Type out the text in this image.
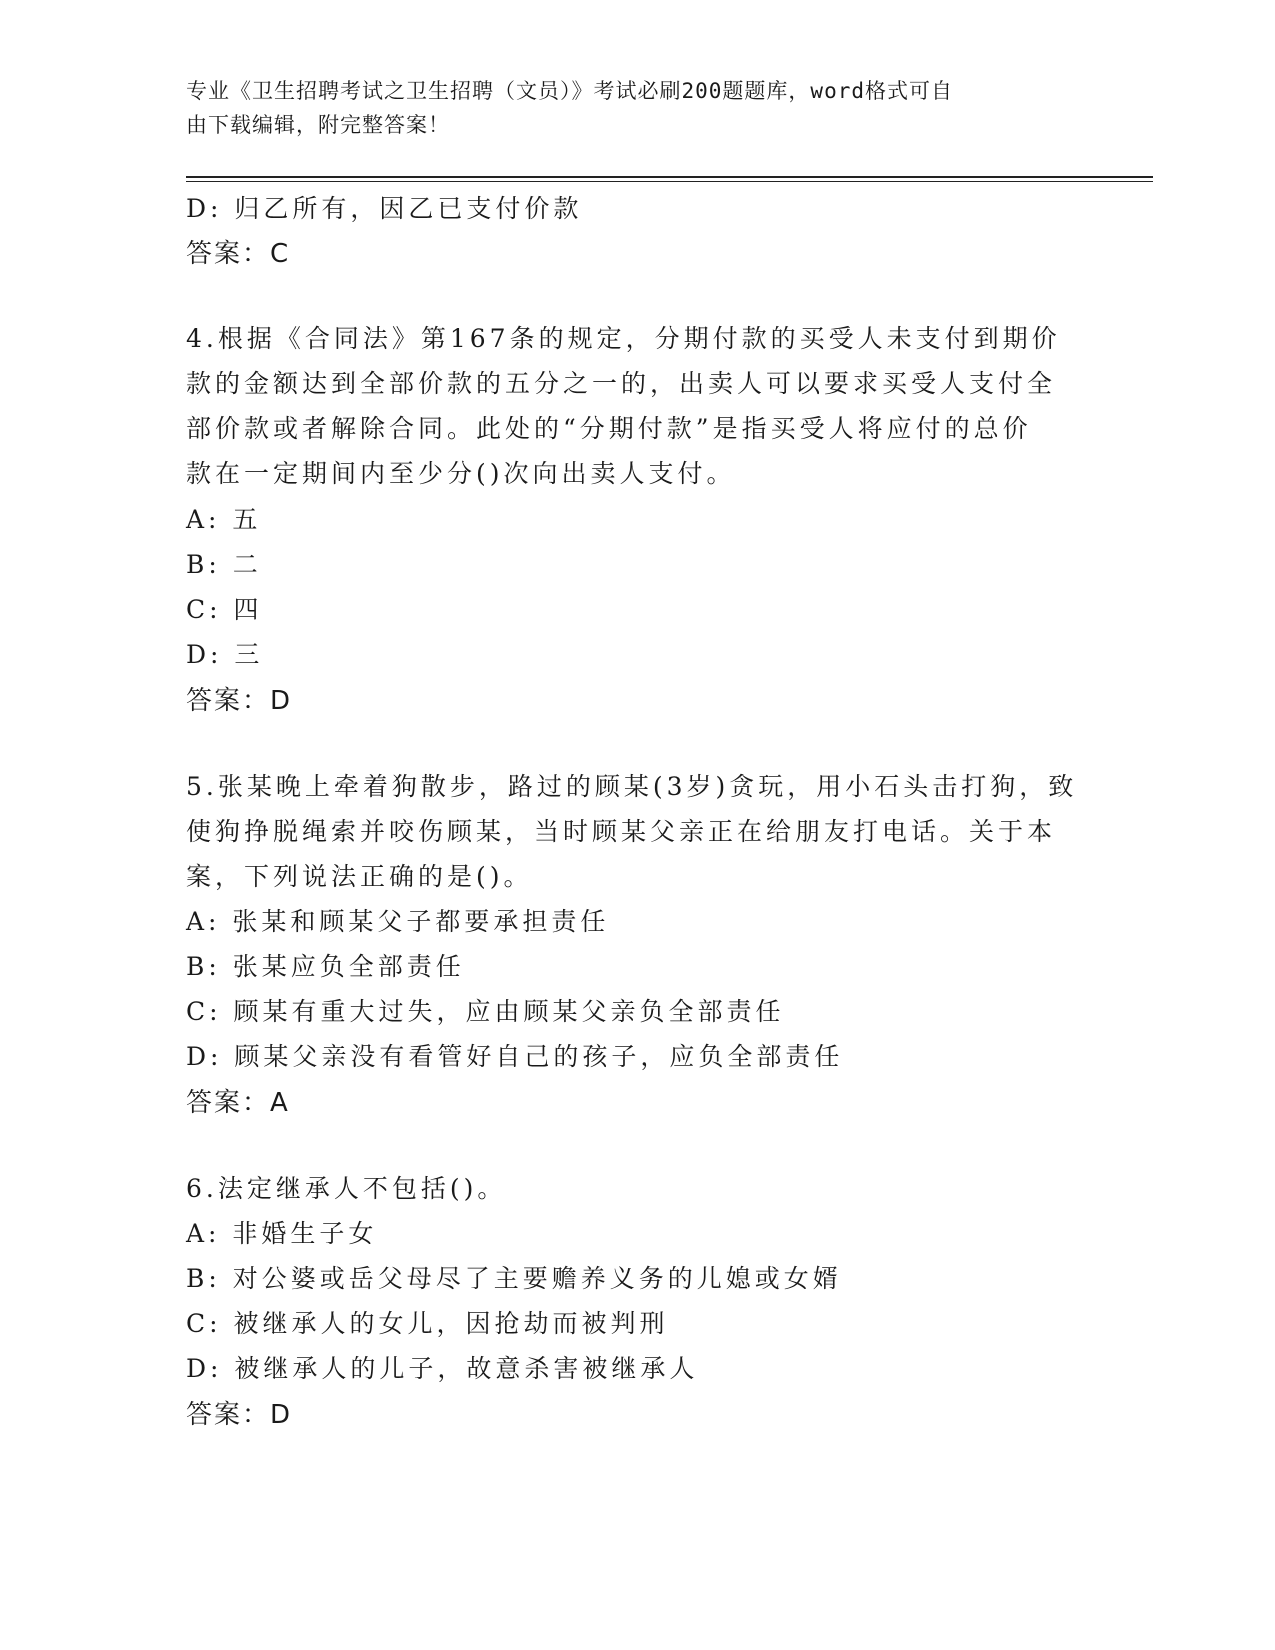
专业《卫生招聘考试之卫生招聘（文员）》考试必刷200题题库，word格式可自
由下载编辑，附完整答案！
D: 归乙所有，因乙已支付价款
答案：C
4.根据《合同法》第167条的规定，分期付款的买受人未支付到期价
款的金额达到全部价款的五分之一的，出卖人可以要求买受人支付全
部价款或者解除合同。此处的“分期付款”是指买受人将应付的总价
款在一定期间内至少分()次向出卖人支付。
A: 五
B: 二
C: 四
D: 三
答案：D
5.张某晚上牵着狗散步，路过的顾某(3岁)贪玩，用小石头击打狗，致
使狗挣脱绳索并咬伤顾某，当时顾某父亲正在给朋友打电话。关于本
案，下列说法正确的是()。
A: 张某和顾某父子都要承担责任
B: 张某应负全部责任
C: 顾某有重大过失，应由顾某父亲负全部责任
D: 顾某父亲没有看管好自己的孩子，应负全部责任
答案：A
6.法定继承人不包括()。
A: 非婚生子女
B: 对公婆或岳父母尽了主要赡养义务的儿媳或女婿
C: 被继承人的女儿，因抢劫而被判刑
D: 被继承人的儿子，故意杀害被继承人
答案：D
